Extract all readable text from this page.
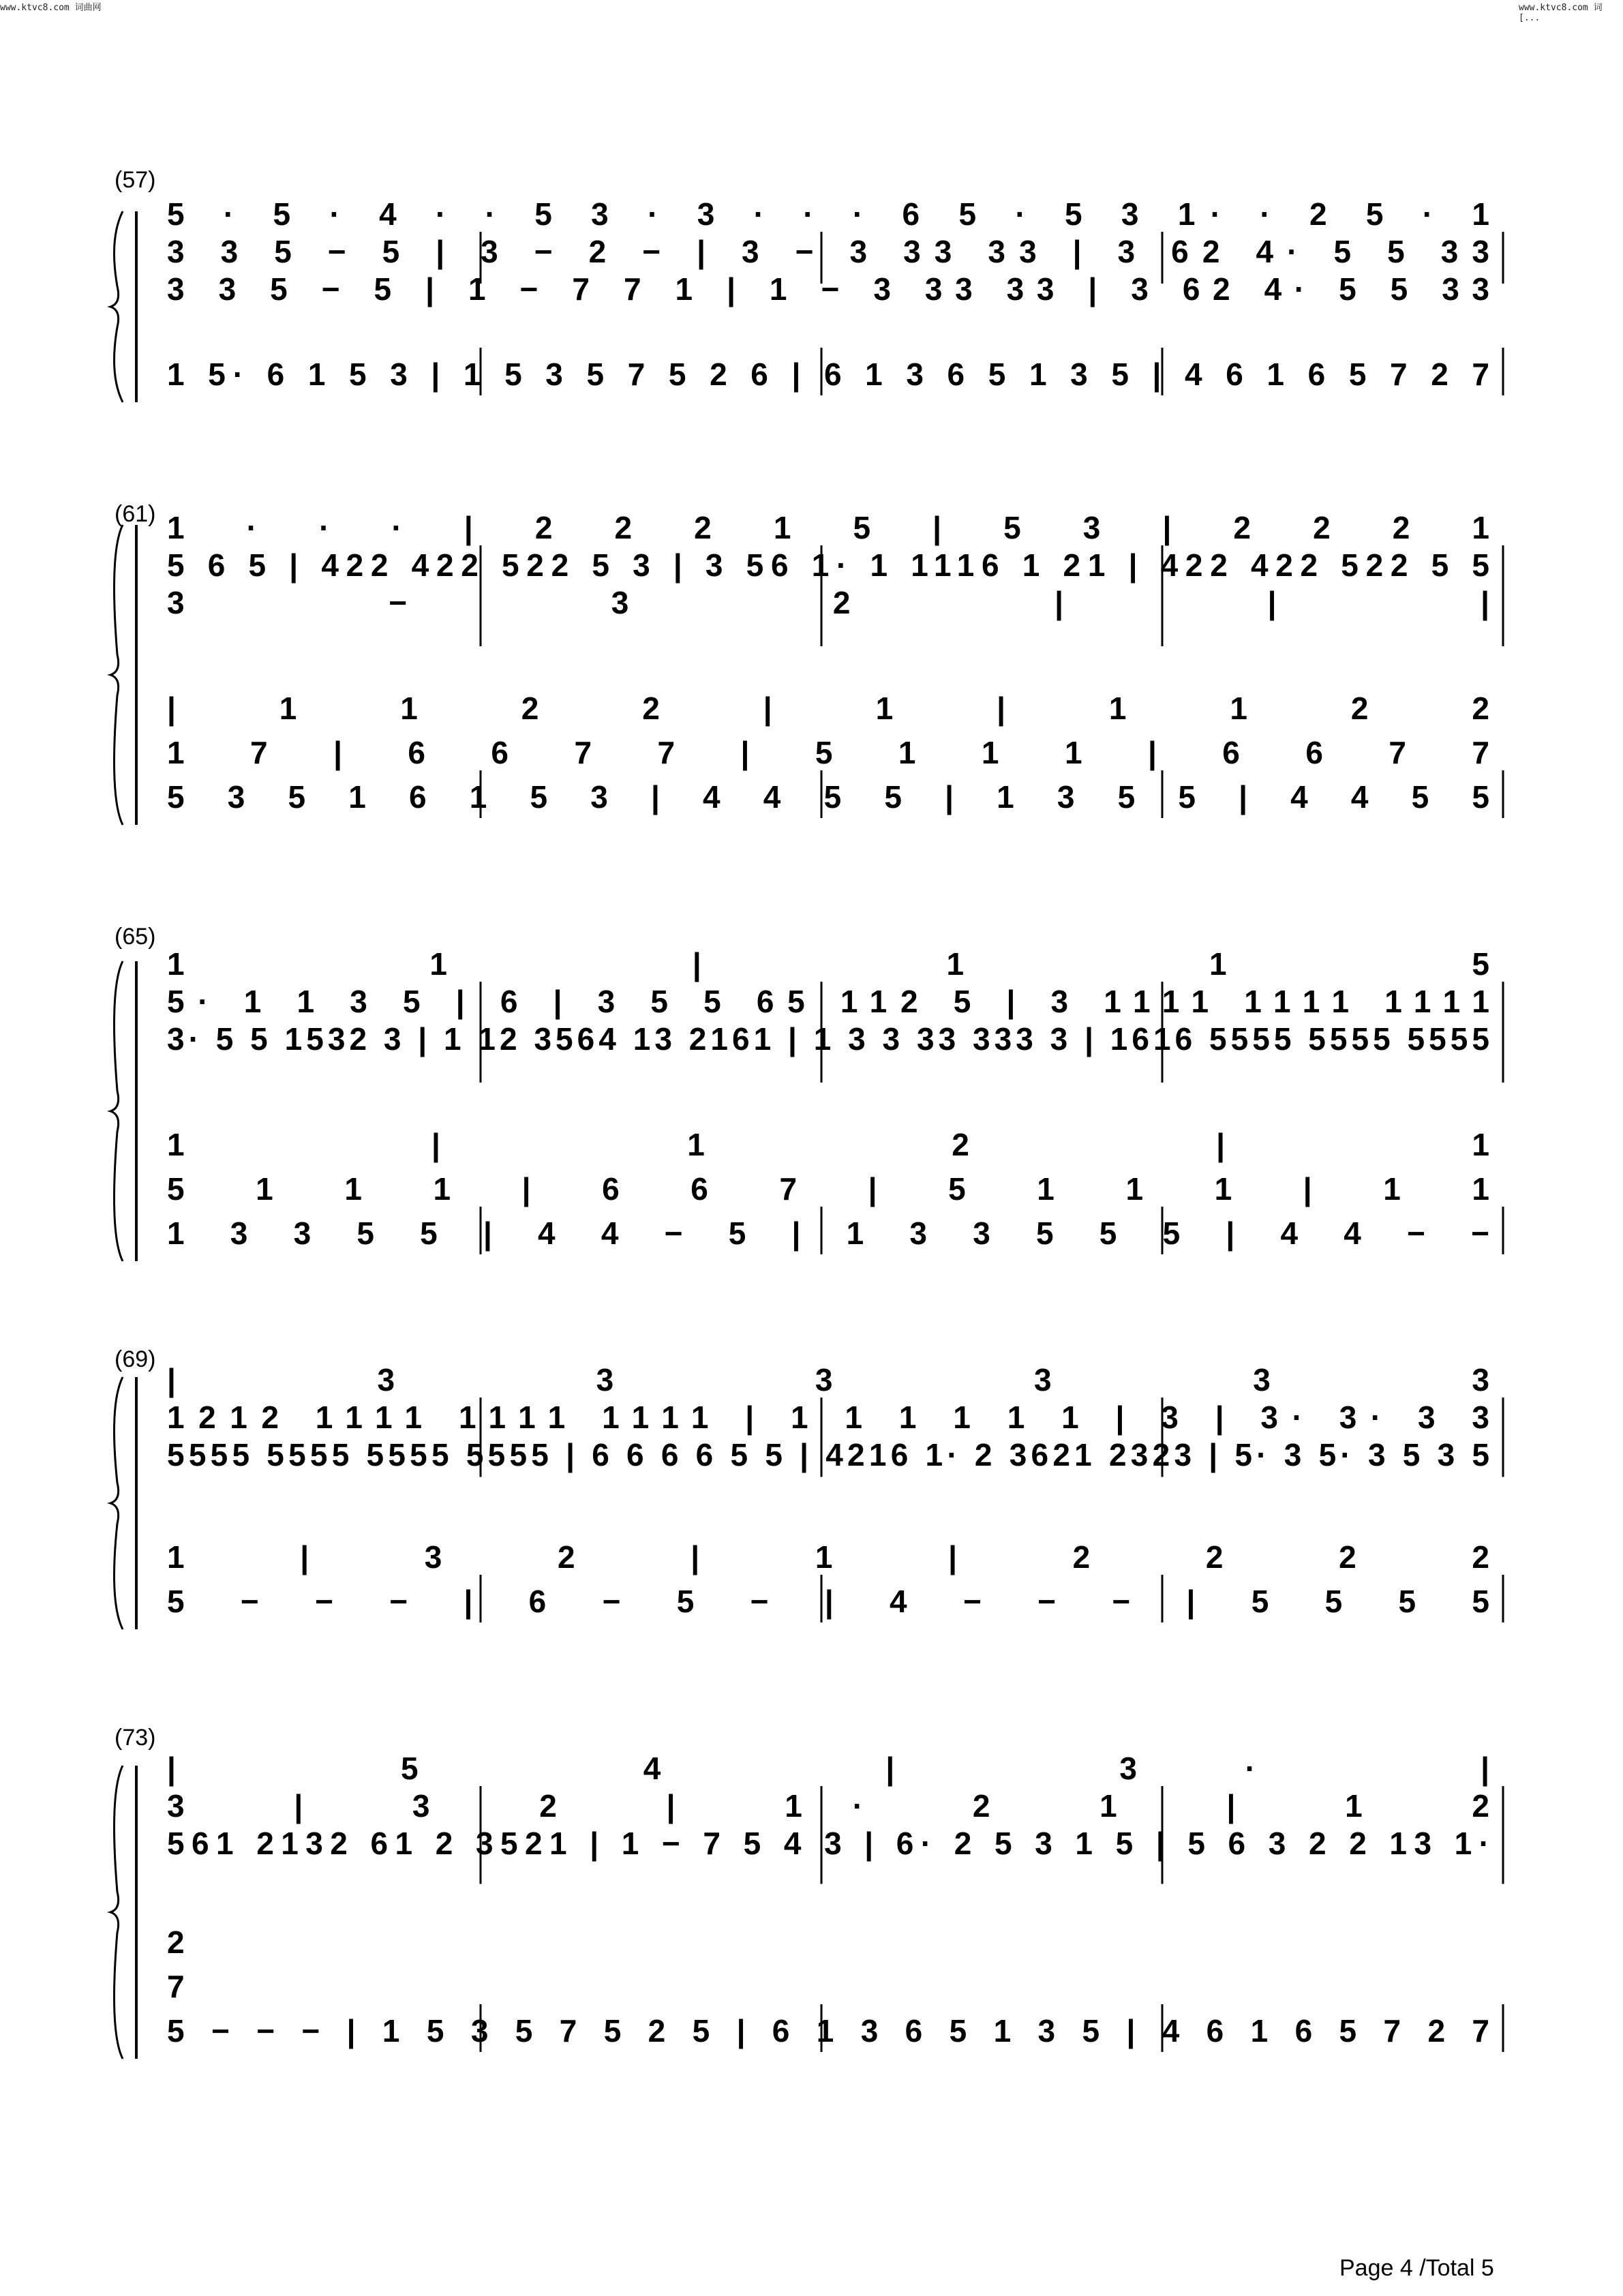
www.ktvc8.com 词曲网	www.ktvc8.com 词[...
(57)
5 · 5 · 4 · · 5 3 · 3 · · · 6 5 · 5 3 1· · 2 5 · 1
3 3 5 − 5 | 3 − 2 − | 3 − 3 33 33 | 3 62 4· 5 5 33
3 3 5 − 5 | 1 − 7 7 1 | 1 − 3 33 33 | 3 62 4· 5 5 33
1 5· 6 1 5 3 | 1 5 3 5 7 5 2 6 | 6 1 3 6 5 1 3 5 | 4 6 1 6 5 7 2 7
(61) 1 · · · | 2 2 2 1 5 | 5 3 | 2 2 2 1
5 6 5 | 422 422 522 5 3 | 3 56 1· 1 1116 1 21 | 422 422 522 5 5
3 − 3 2 | | |
| 1 1 2 2 | 1 | 1 1 2 2
1 7 | 6 6 7 7 | 5 1 1 1 | 6 6 7 7
5 3 5 1 6 1 5 3 | 4 4 5 5 | 1 3 5 5 | 4 4 5 5
(65)
1 1 | 1 1 5
5· 1 1 3 5 | 6 | 3 5 5 65 112 5 | 3 1111 1111 1111
3· 5 5 1532 3 | 1 12 3564 13 2161 | 1 3 3 33 333 3 | 1616 5555 5555 5555
1 | 1 2 | 1
5 1 1 1 | 6 6 7 | 5 1 1 1 | 1 1
1 3 3 5 5 | 4 4 − 5 | 1 3 3 5 5 5 | 4 4 − −
(69)
| 3 3 3 3 3 3
1212 1111 1111 1111 | 1 1 1 1 1 1 | 3 | 3· 3· 3 3
5555 5555 5555 5555 | 6 6 6 6 5 5 | 4216 1· 2 3621 2323 | 5· 3 5· 3 5 3 5
1 | 3 2 | 1 | 2 2 2 2
5 − − − | 6 − 5 − | 4 − − − | 5 5 5 5
(73)
| 5 4 | 3· |
3 | 3 2 | 1· 2 1 | 1 2
561 2132 61 2 3521 | 1 − 7 5 4 3 | 6· 2 5 3 1 5 | 5 6 3 2 2 13 1·
2
7
5 − − − | 1 5 3 5 7 5 2 5 | 6 1 3 6 5 1 3 5 | 4 6 1 6 5 7 2 7
Page 4 /Total 5
